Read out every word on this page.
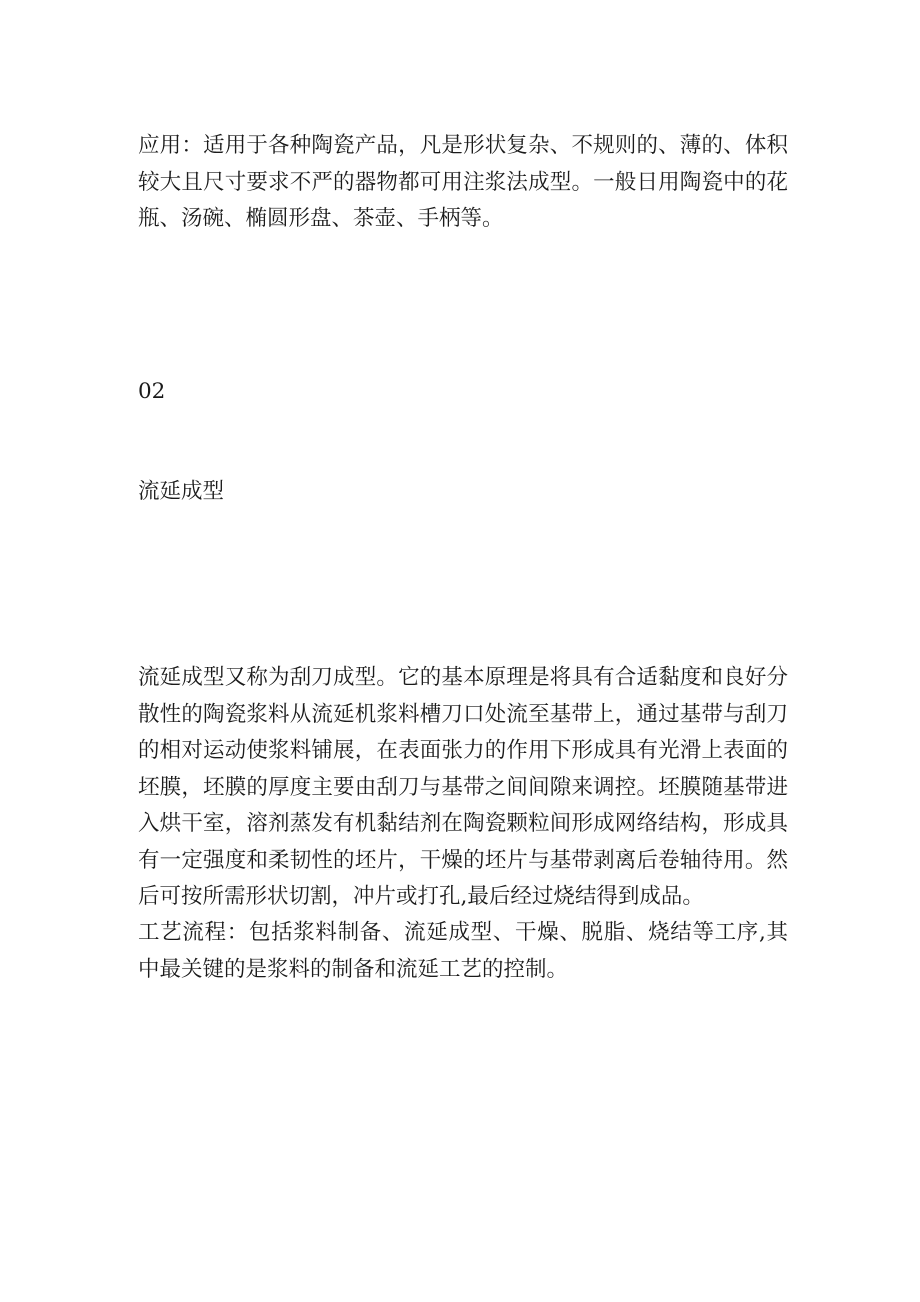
应用：适用于各种陶瓷产品，凡是形状复杂、不规则的、薄的、体积
较大且尺寸要求不严的器物都可用注浆法成型。一般日用陶瓷中的花
瓶、汤碗、椭圆形盘、茶壶、手柄等。
02
流延成型
流延成型又称为刮刀成型。它的基本原理是将具有合适黏度和良好分
散性的陶瓷浆料从流延机浆料槽刀口处流至基带上，通过基带与刮刀
的相对运动使浆料铺展，在表面张力的作用下形成具有光滑上表面的
坯膜，坯膜的厚度主要由刮刀与基带之间间隙来调控。坯膜随基带进
入烘干室，溶剂蒸发有机黏结剂在陶瓷颗粒间形成网络结构，形成具
有一定强度和柔韧性的坯片，干燥的坯片与基带剥离后卷轴待用。然
后可按所需形状切割，冲片或打孔,最后经过烧结得到成品。
工艺流程：包括浆料制备、流延成型、干燥、脱脂、烧结等工序,其
中最关键的是浆料的制备和流延工艺的控制。
